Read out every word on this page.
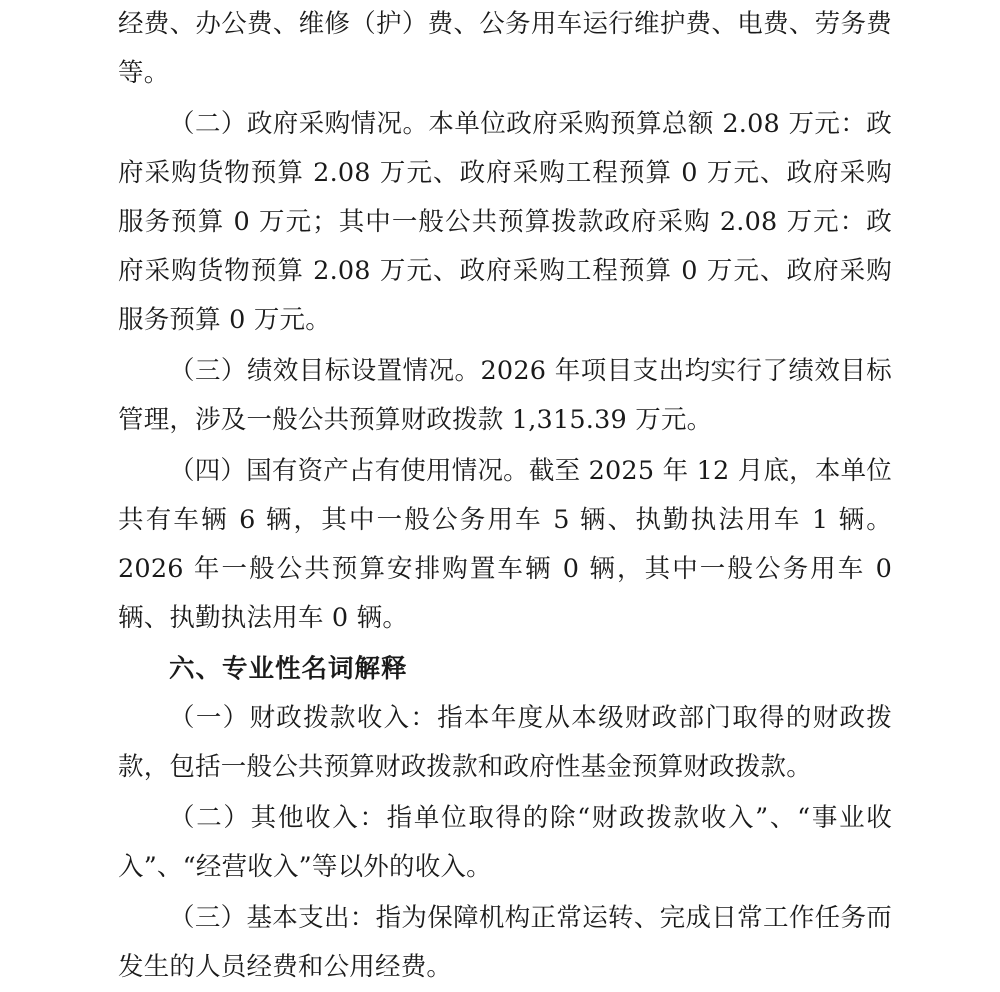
经费、办公费、维修（护）费、公务用车运行维护费、电费、劳务费等。

（二）政府采购情况。本单位政府采购预算总额 2.08 万元：政府采购货物预算 2.08 万元、政府采购工程预算 0 万元、政府采购服务预算 0 万元；其中一般公共预算拨款政府采购 2.08 万元：政府采购货物预算 2.08 万元、政府采购工程预算 0 万元、政府采购服务预算 0 万元。

（三）绩效目标设置情况。2026 年项目支出均实行了绩效目标管理，涉及一般公共预算财政拨款 1,315.39 万元。

（四）国有资产占有使用情况。截至 2025 年 12 月底，本单位共有车辆 6 辆，其中一般公务用车 5 辆、执勤执法用车 1 辆。2026 年一般公共预算安排购置车辆 0 辆，其中一般公务用车 0 辆、执勤执法用车 0 辆。

六、专业性名词解释

（一）财政拨款收入：指本年度从本级财政部门取得的财政拨款，包括一般公共预算财政拨款和政府性基金预算财政拨款。

（二）其他收入：指单位取得的除“财政拨款收入”、“事业收入”、“经营收入”等以外的收入。

（三）基本支出：指为保障机构正常运转、完成日常工作任务而发生的人员经费和公用经费。
